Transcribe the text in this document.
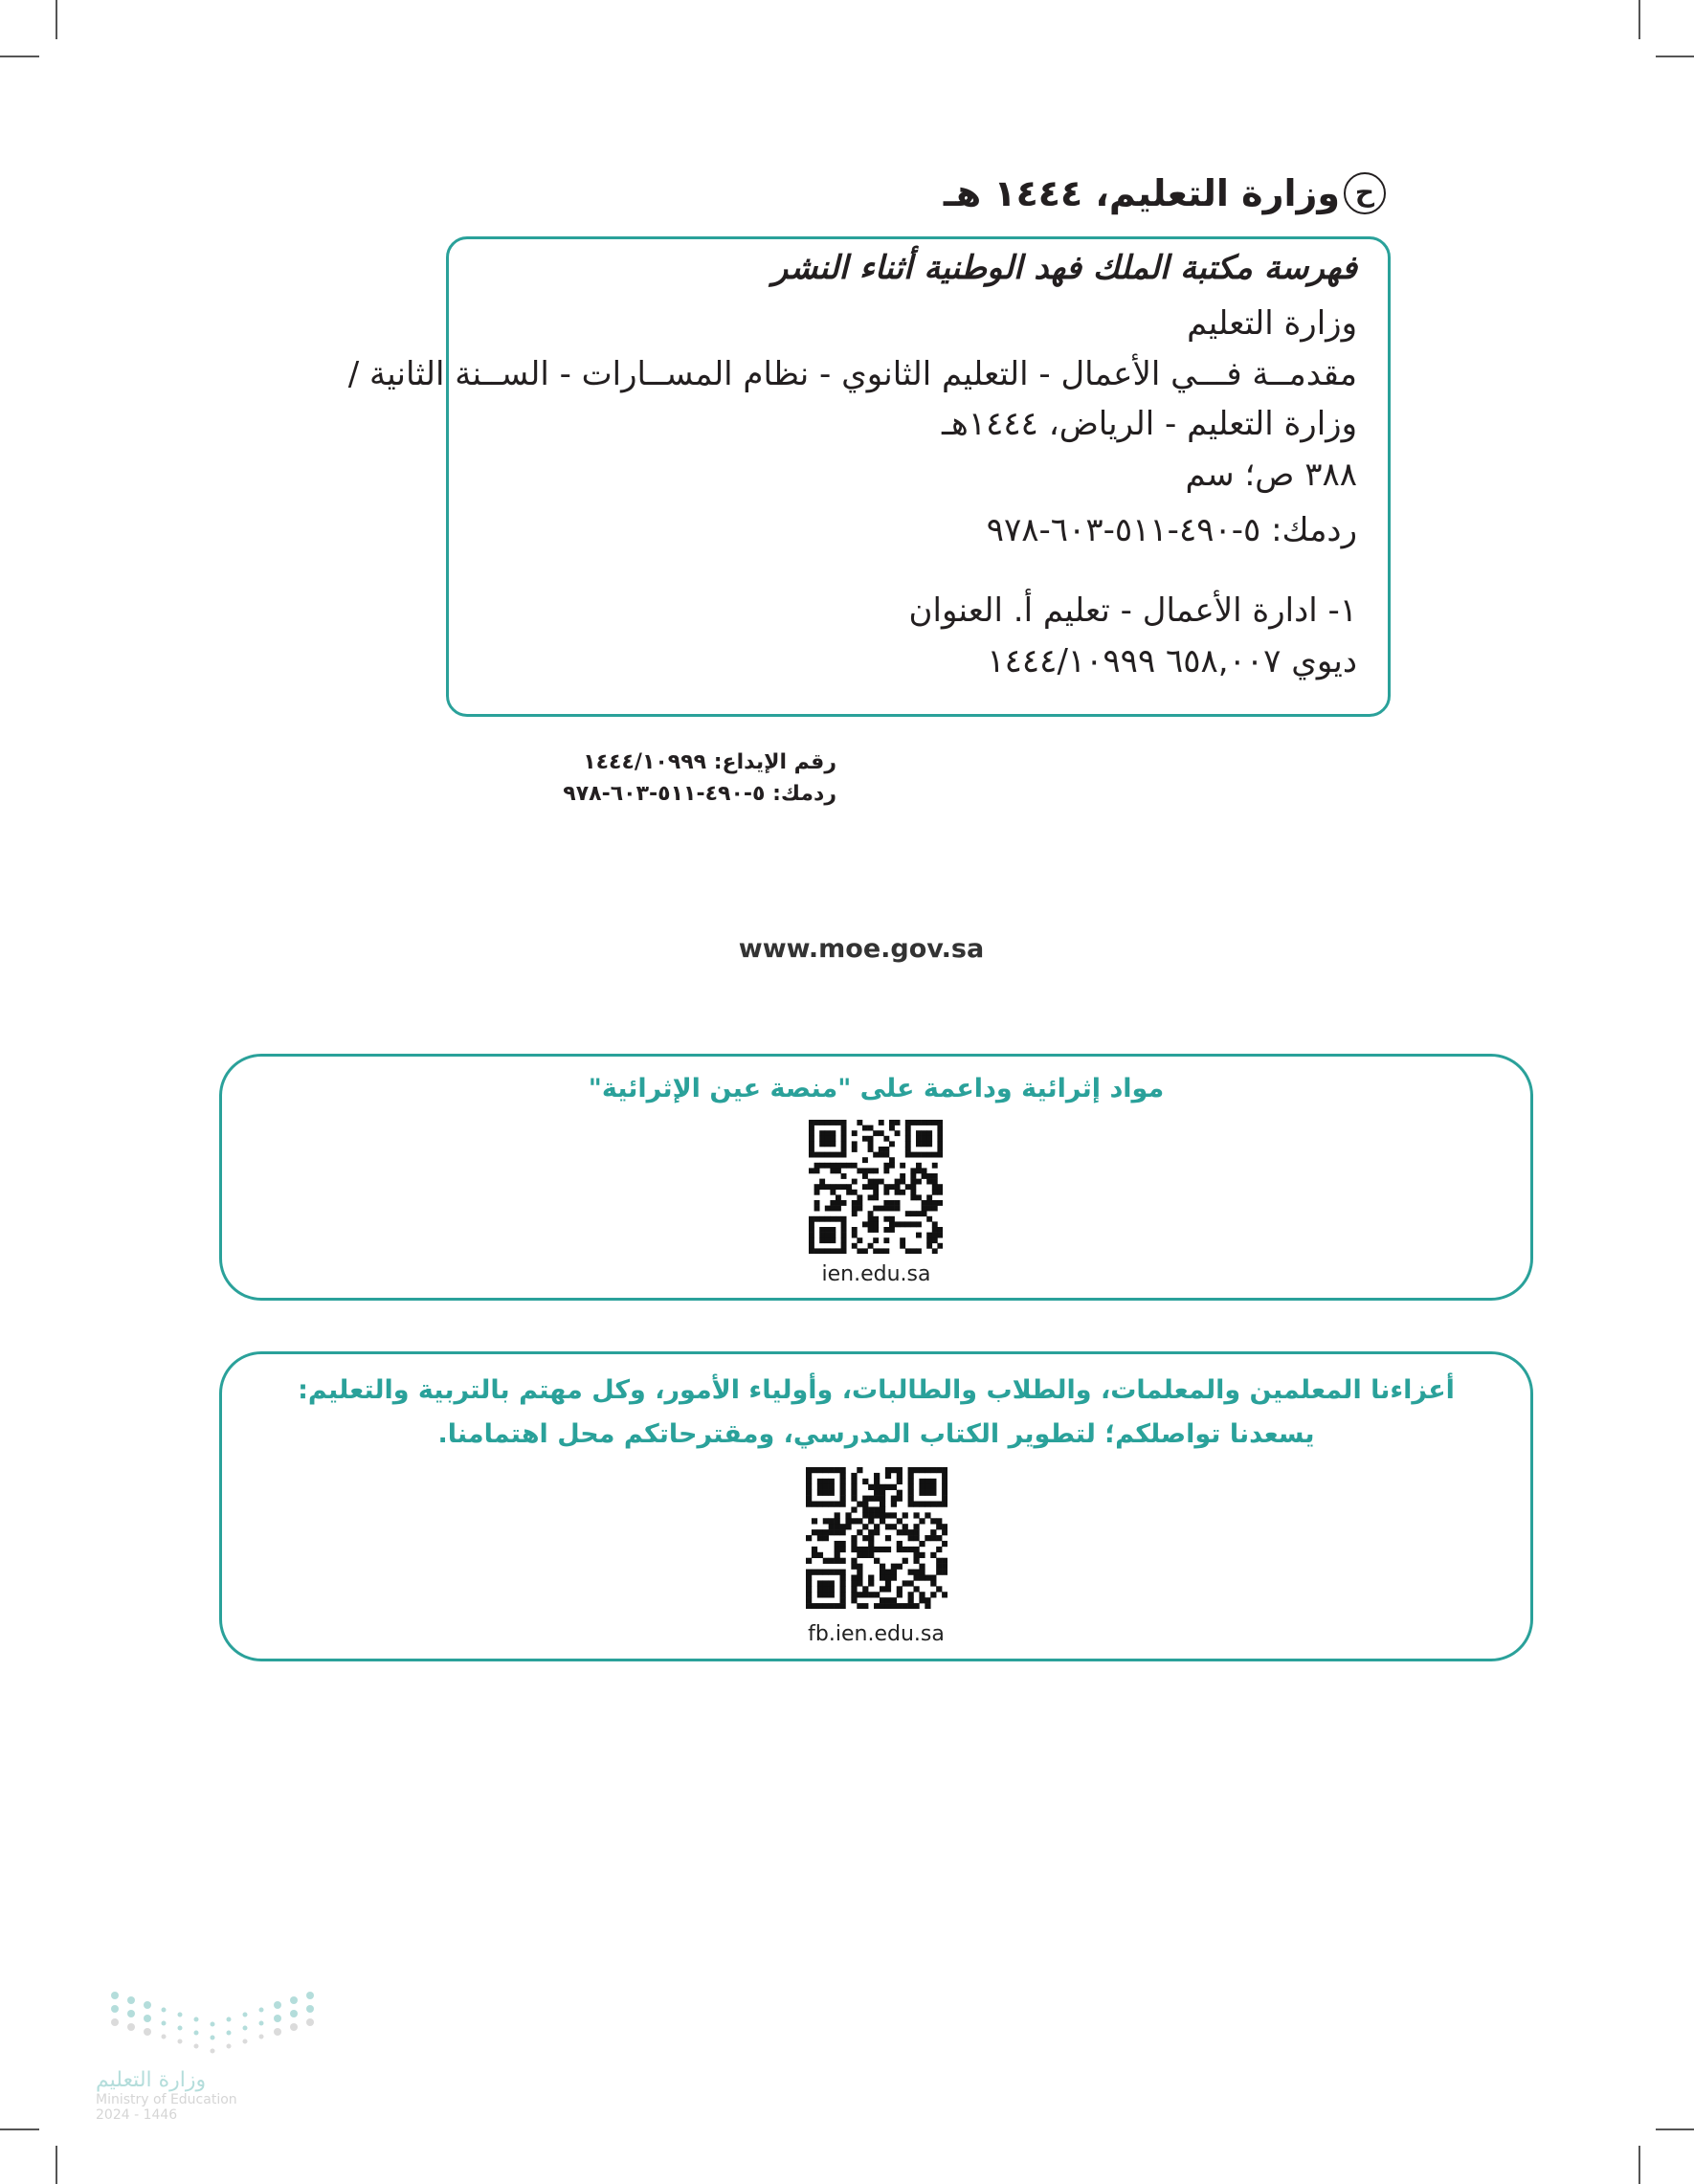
ح
وزارة التعليم، ١٤٤٤ هـ
فهرسة مكتبة الملك فهد الوطنية أثناء النشر
وزارة التعليم
مقدمــة فـــي الأعمال - التعليم الثانوي - نظام المســارات - الســنة الثانية /
وزارة التعليم - الرياض، ١٤٤٤هـ
٣٨٨ ص؛ سم
ردمك: ٥-٤٩٠-٥١١-٦٠٣-٩٧٨
١- ادارة الأعمال - تعليم أ. العنوان
ديوي ٦٥٨,٠٠٧ ١٤٤٤/١٠٩٩٩
رقم الإيداع: ١٤٤٤/١٠٩٩٩
ردمك: ٥-٤٩٠-٥١١-٦٠٣-٩٧٨
www.moe.gov.sa
مواد إثرائية وداعمة على "منصة عين الإثرائية"
ien.edu.sa
أعزاءنا المعلمين والمعلمات، والطلاب والطالبات، وأولياء الأمور، وكل مهتم بالتربية والتعليم:
يسعدنا تواصلكم؛ لتطوير الكتاب المدرسي، ومقترحاتكم محل اهتمامنا.
fb.ien.edu.sa
وزارة التعليم
Ministry of Education
2024 - 1446
